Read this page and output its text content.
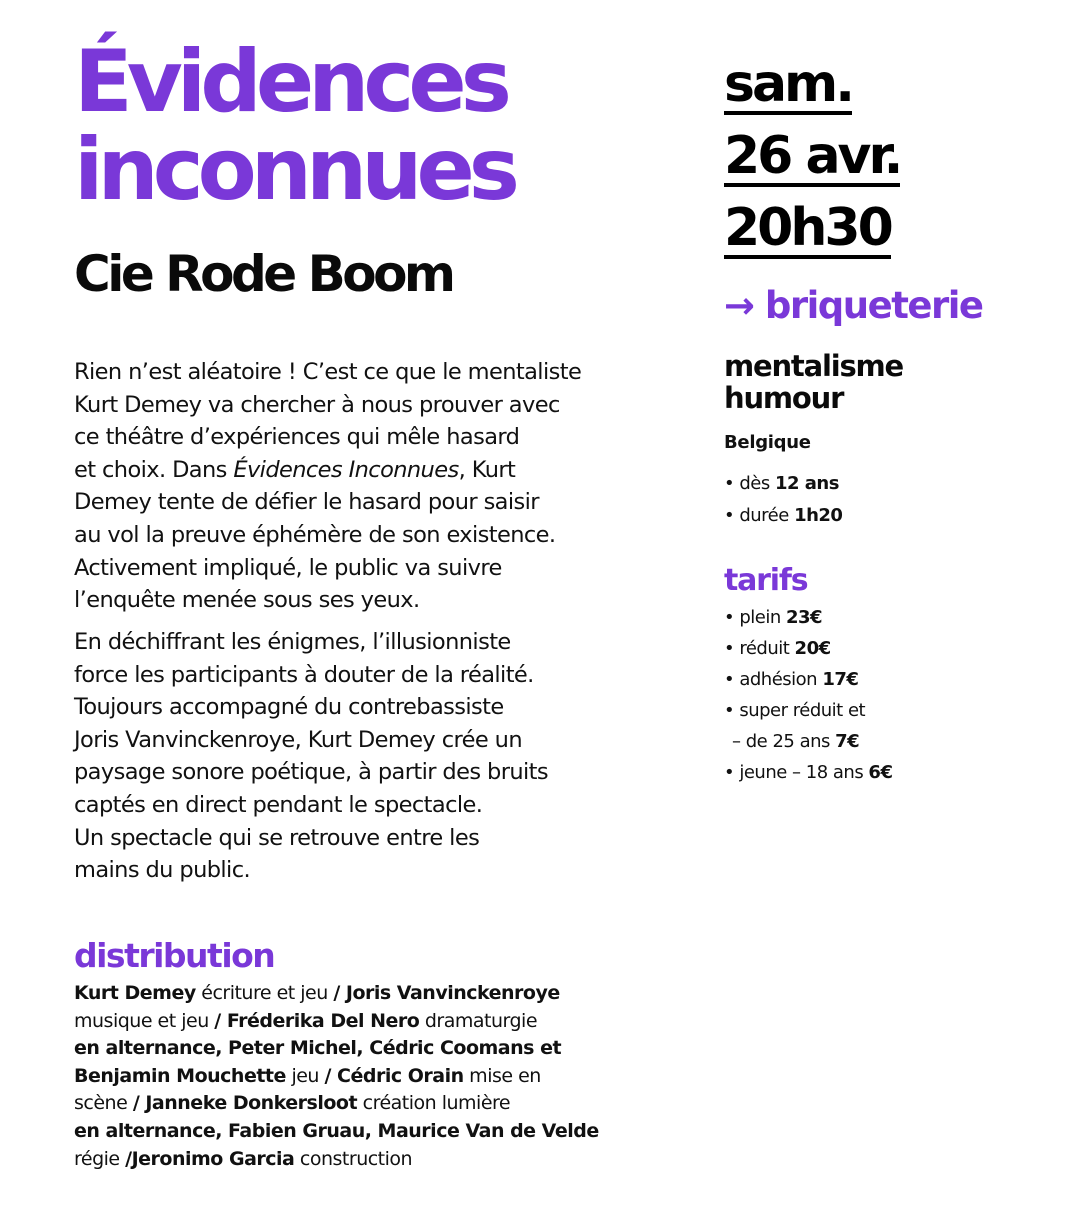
Évidences
inconnues
Cie Rode Boom
Rien n’est aléatoire ! C’est ce que le mentaliste
Kurt Demey va chercher à nous prouver avec
ce théâtre d’expériences qui mêle hasard
et choix. Dans Évidences Inconnues, Kurt
Demey tente de défier le hasard pour saisir
au vol la preuve éphémère de son existence.
Activement impliqué, le public va suivre
l’enquête menée sous ses yeux.
En déchiffrant les énigmes, l’illusionniste
force les participants à douter de la réalité.
Toujours accompagné du contrebassiste
Joris Vanvinckenroye, Kurt Demey crée un
paysage sonore poétique, à partir des bruits
captés en direct pendant le spectacle.
Un spectacle qui se retrouve entre les
mains du public.
distribution
Kurt Demey écriture et jeu / Joris Vanvinckenroye
musique et jeu / Fréderika Del Nero dramaturgie
en alternance, Peter Michel, Cédric Coomans et
Benjamin Mouchette jeu / Cédric Orain mise en
scène / Janneke Donkersloot création lumière
en alternance, Fabien Gruau, Maurice Van de Velde
régie /Jeronimo Garcia construction
sam.
26 avr.
20h30
→ briqueterie
mentalisme
humour
Belgique
• dès 12 ans
• durée 1h20
tarifs
• plein 23€
• réduit 20€
• adhésion 17€
• super réduit et
– de 25 ans 7€
• jeune – 18 ans 6€
